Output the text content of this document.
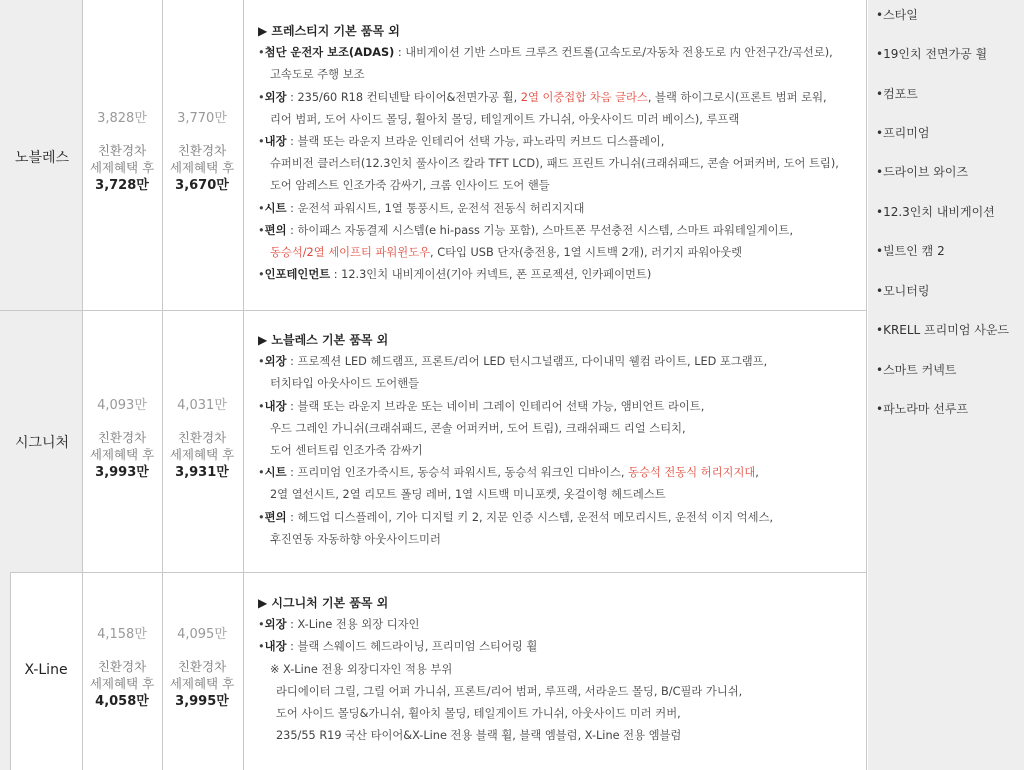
노블레스
3,828만
친환경차
세제혜택 후
3,728만
3,770만
친환경차
세제혜택 후
3,670만
▶ 프레스티지 기본 품목 외
•첨단 운전자 보조(ADAS) : 내비게이션 기반 스마트 크루즈 컨트롤(고속도로/자동차 전용도로 内 안전구간/곡선로),
고속도로 주행 보조
•외장 : 235/60 R18 컨티넨탈 타이어&전면가공 휠, 2열 이중접합 차음 글라스, 블랙 하이그로시(프론트 범퍼 로워,
리어 범퍼, 도어 사이드 몰딩, 휠아치 몰딩, 테일게이트 가니쉬, 아웃사이드 미러 베이스), 루프랙
•내장 : 블랙 또는 라운지 브라운 인테리어 선택 가능, 파노라믹 커브드 디스플레이,
슈퍼비전 클러스터(12.3인치 풀사이즈 칼라 TFT LCD), 패드 프린트 가니쉬(크래쉬패드, 콘솔 어퍼커버, 도어 트림),
도어 암레스트 인조가죽 감싸기, 크롬 인사이드 도어 핸들
•시트 : 운전석 파워시트, 1열 통풍시트, 운전석 전동식 허리지지대
•편의 : 하이패스 자동결제 시스템(e hi-pass 기능 포함), 스마트폰 무선충전 시스템, 스마트 파워테일게이트,
동승석/2열 세이프티 파워윈도우, C타입 USB 단자(충전용, 1열 시트백 2개), 러기지 파워아웃렛
•인포테인먼트 : 12.3인치 내비게이션(기아 커넥트, 폰 프로젝션, 인카페이먼트)
시그니처
4,093만
친환경차
세제혜택 후
3,993만
4,031만
친환경차
세제혜택 후
3,931만
▶ 노블레스 기본 품목 외
•외장 : 프로젝션 LED 헤드램프, 프론트/리어 LED 턴시그널램프, 다이내믹 웰컴 라이트, LED 포그램프,
터치타입 아웃사이드 도어핸들
•내장 : 블랙 또는 라운지 브라운 또는 네이비 그레이 인테리어 선택 가능, 앰비언트 라이트,
우드 그레인 가니쉬(크래쉬패드, 콘솔 어퍼커버, 도어 트림), 크래쉬패드 리얼 스티치,
도어 센터트림 인조가죽 감싸기
•시트 : 프리미엄 인조가죽시트, 동승석 파워시트, 동승석 워크인 디바이스, 동승석 전동식 허리지지대,
2열 열선시트, 2열 리모트 폴딩 레버, 1열 시트백 미니포켓, 옷걸이형 헤드레스트
•편의 : 헤드업 디스플레이, 기아 디지털 키 2, 지문 인증 시스템, 운전석 메모리시트, 운전석 이지 억세스,
후진연동 자동하향 아웃사이드미러
X-Line
4,158만
친환경차
세제혜택 후
4,058만
4,095만
친환경차
세제혜택 후
3,995만
▶ 시그니처 기본 품목 외
•외장 : X-Line 전용 외장 디자인
•내장 : 블랙 스웨이드 헤드라이닝, 프리미엄 스티어링 휠
※ X-Line 전용 외장디자인 적용 부위
라디에이터 그릴, 그릴 어퍼 가니쉬, 프론트/리어 범퍼, 루프랙, 서라운드 몰딩, B/C필라 가니쉬,
도어 사이드 몰딩&가니쉬, 휠아치 몰딩, 테일게이트 가니쉬, 아웃사이드 미러 커버,
235/55 R19 국산 타이어&X-Line 전용 블랙 휠, 블랙 엠블럼, X-Line 전용 엠블럼
•스타일
•19인치 전면가공 휠
•컴포트
•프리미엄
•드라이브 와이즈
•12.3인치 내비게이션
•빌트인 캠 2
•모니터링
•KRELL 프리미엄 사운드
•스마트 커넥트
•파노라마 선루프
